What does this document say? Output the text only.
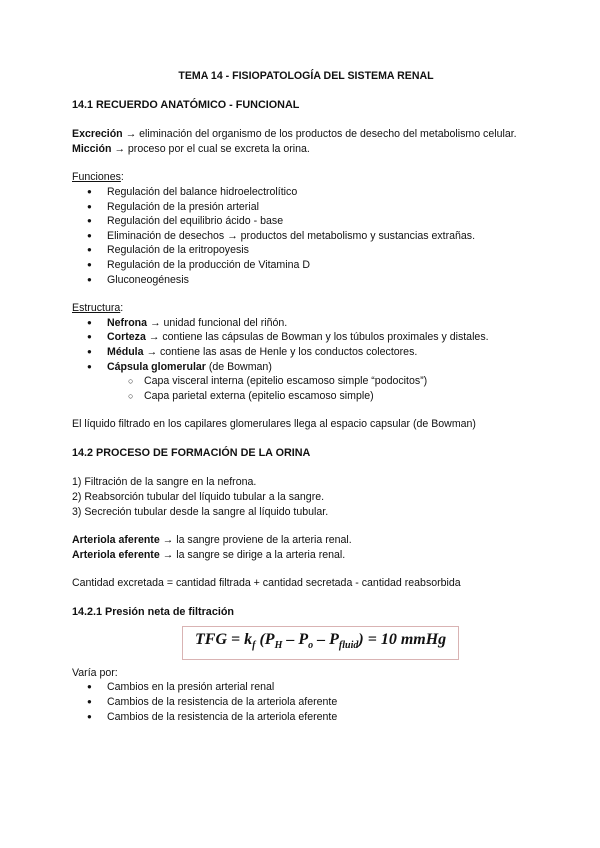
TEMA 14 - FISIOPATOLOGÍA DEL SISTEMA RENAL

14.1 RECUERDO ANATÓMICO - FUNCIONAL

Excreción → eliminación del organismo de los productos de desecho del metabolismo celular.

Micción → proceso por el cual se excreta la orina.

Funciones:

● Regulación del balance hidroelectrolítico
● Regulación de la presión arterial
● Regulación del equilibrio ácido - base
● Eliminación de desechos → productos del metabolismo y sustancias extrañas.
● Regulación de la eritropoyesis
● Regulación de la producción de Vitamina D
● Gluconeogénesis

Estructura:

● Nefrona → unidad funcional del riñón.
● Corteza → contiene las cápsulas de Bowman y los túbulos proximales y distales.
● Médula → contiene las asas de Henle y los conductos colectores.
● Cápsula glomerular (de Bowman)
○ Capa visceral interna (epitelio escamoso simple “podocitos”)
○ Capa parietal externa (epitelio escamoso simple)

El líquido filtrado en los capilares glomerulares llega al espacio capsular (de Bowman)

14.2 PROCESO DE FORMACIÓN DE LA ORINA

1) Filtración de la sangre en la nefrona.

2) Reabsorción tubular del líquido tubular a la sangre.

3) Secreción tubular desde la sangre al líquido tubular.

Arteriola aferente → la sangre proviene de la arteria renal.

Arteriola eferente → la sangre se dirige a la arteria renal.

Cantidad excretada = cantidad filtrada + cantidad secretada - cantidad reabsorbida

14.2.1 Presión neta de filtración

TFG = $k_f$ $(P_H - P_o - P_{fluid}) = 10$ mmHg

Varía por:

● Cambios en la presión arterial renal
● Cambios de la resistencia de la arteriola aferente
● Cambios de la resistencia de la arteriola eferente
